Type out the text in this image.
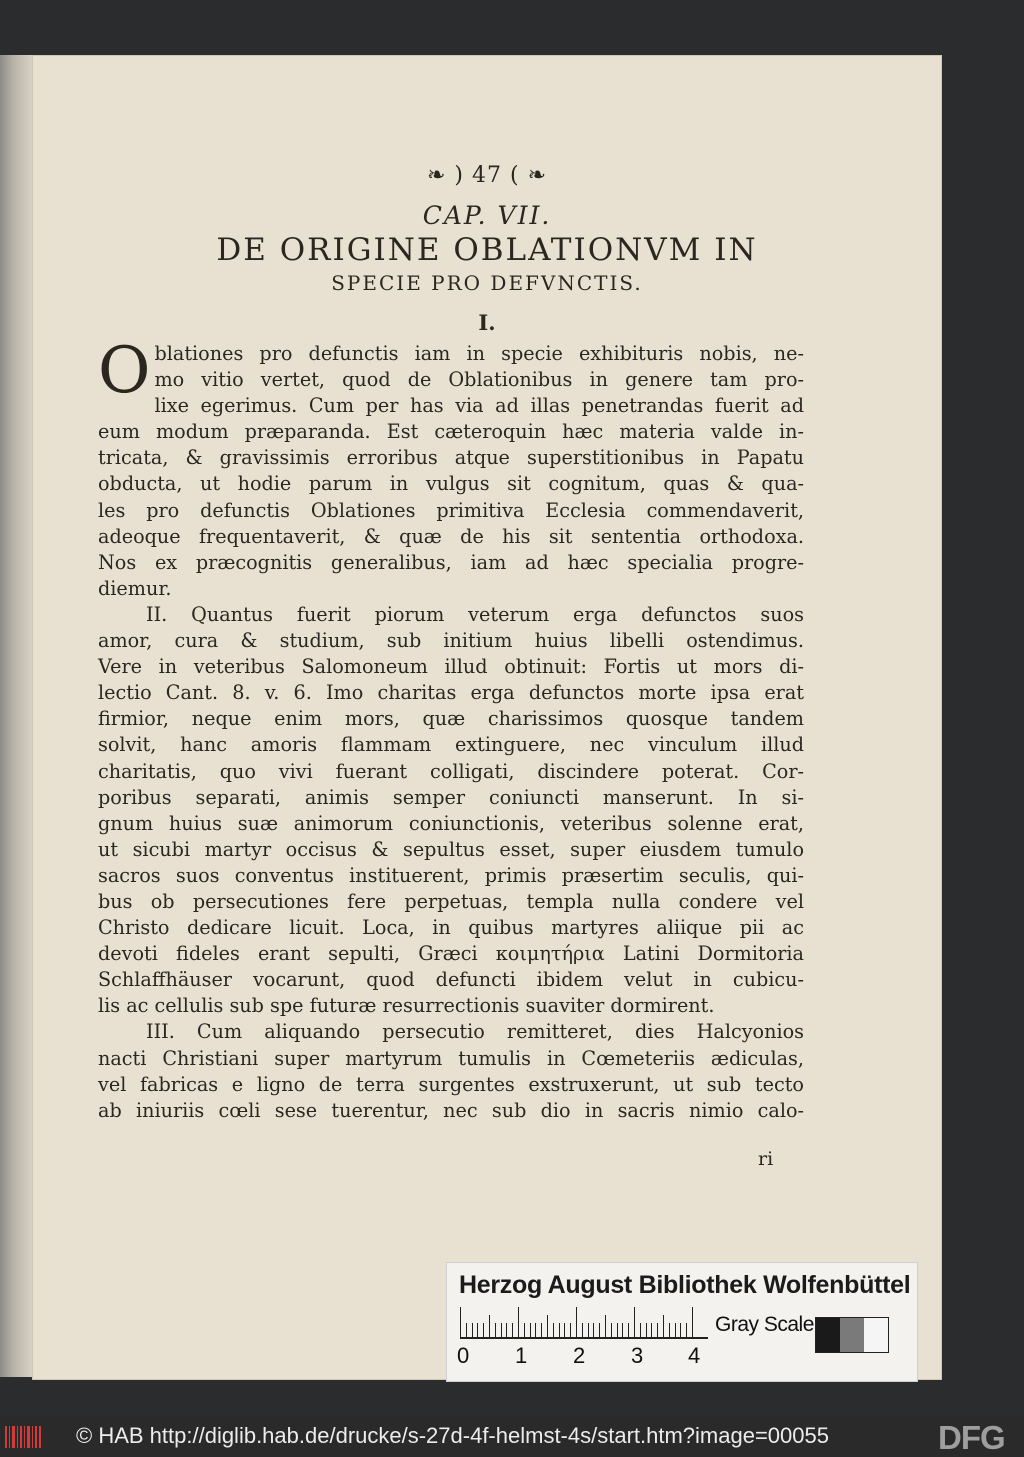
❧ ) 47 ( ❧
CAP. VII.
DE ORIGINE OBLATIONVM IN
SPECIE PRO DEFVNCTIS.
I.
O blationes pro defunctis iam in specie exhibituris nobis, ne-
mo vitio vertet, quod de Oblationibus in genere tam pro-
lixe egerimus. Cum per has via ad illas penetrandas fuerit ad
eum modum præparanda. Est cæteroquin hæc materia valde in-
tricata, & gravissimis erroribus atque superstitionibus in Papatu
obducta, ut hodie parum in vulgus sit cognitum, quas & qua-
les pro defunctis Oblationes primitiva Ecclesia commendaverit,
adeoque frequentaverit, & quæ de his sit sententia orthodoxa.
Nos ex præcognitis generalibus, iam ad hæc specialia progre-
diemur.
II. Quantus fuerit piorum veterum erga defunctos suos
amor, cura & studium, sub initium huius libelli ostendimus.
Vere in veteribus Salomoneum illud obtinuit: Fortis ut mors di-
lectio Cant. 8. v. 6. Imo charitas erga defunctos morte ipsa erat
firmior, neque enim mors, quæ charissimos quosque tandem
solvit, hanc amoris flammam extinguere, nec vinculum illud
charitatis, quo vivi fuerant colligati, discindere poterat. Cor-
poribus separati, animis semper coniuncti manserunt. In si-
gnum huius suæ animorum coniunctionis, veteribus solenne erat,
ut sicubi martyr occisus & sepultus esset, super eiusdem tumulo
sacros suos conventus instituerent, primis præsertim seculis, qui-
bus ob persecutiones fere perpetuas, templa nulla condere vel
Christo dedicare licuit. Loca, in quibus martyres aliique pii ac
devoti fideles erant sepulti, Græci κοιμητήρια Latini Dormitoria
Schlaffhäuser vocarunt, quod defuncti ibidem velut in cubicu-
lis ac cellulis sub spe futuræ resurrectionis suaviter dormirent.
III. Cum aliquando persecutio remitteret, dies Halcyonios
nacti Christiani super martyrum tumulis in Cœmeteriis ædiculas,
vel fabricas e ligno de terra surgentes exstruxerunt, ut sub tecto
ab iniuriis cœli sese tuerentur, nec sub dio in sacris nimio calo-
ri
Herzog August Bibliothek Wolfenbüttel
0 1 2 3 4
Gray Scale
© HAB http://diglib.hab.de/drucke/s-27d-4f-helmst-4s/start.htm?image=00055	DFG
